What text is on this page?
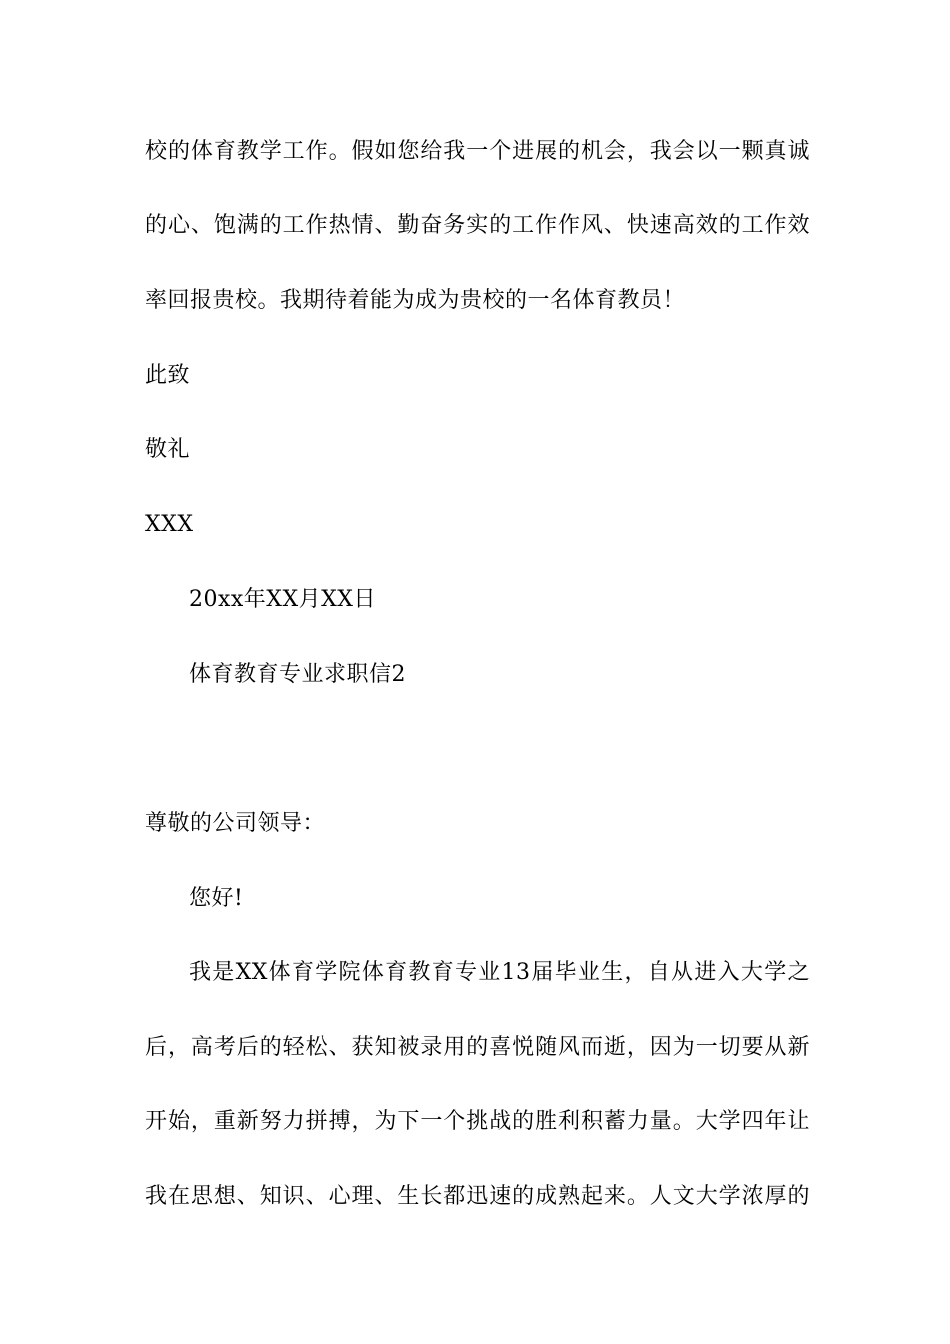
校的体育教学工作。假如您给我一个进展的机会，我会以一颗真诚
的心、饱满的工作热情、勤奋务实的工作作风、快速高效的工作效
率回报贵校。我期待着能为成为贵校的一名体育教员！
此致
敬礼
XXX
20xx年XX月XX日
体育教育专业求职信2
尊敬的公司领导：
您好!
我是XX体育学院体育教育专业13届毕业生，自从进入大学之
后，高考后的轻松、获知被录用的喜悦随风而逝，因为一切要从新
开始，重新努力拼搏，为下一个挑战的胜利积蓄力量。大学四年让
我在思想、知识、心理、生长都迅速的成熟起来。人文大学浓厚的
